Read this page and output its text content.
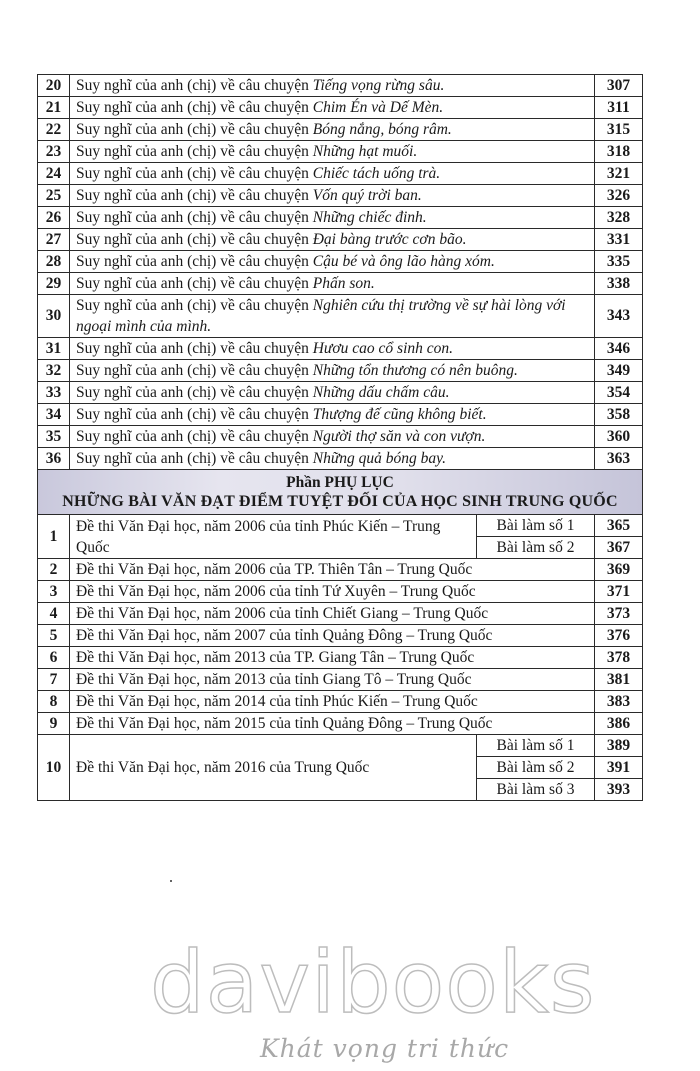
20	Suy nghĩ của anh (chị) về câu chuyện Tiếng vọng rừng sâu.		307
21	Suy nghĩ của anh (chị) về câu chuyện Chim Én và Dế Mèn.		311
22	Suy nghĩ của anh (chị) về câu chuyện Bóng nắng, bóng râm.		315
23	Suy nghĩ của anh (chị) về câu chuyện Những hạt muối.		318
24	Suy nghĩ của anh (chị) về câu chuyện Chiếc tách uống trà.		321
25	Suy nghĩ của anh (chị) về câu chuyện Vốn quý trời ban.		326
26	Suy nghĩ của anh (chị) về câu chuyện Những chiếc đinh.		328
27	Suy nghĩ của anh (chị) về câu chuyện Đại bàng trước cơn bão.		331
28	Suy nghĩ của anh (chị) về câu chuyện Cậu bé và ông lão hàng xóm.		335
29	Suy nghĩ của anh (chị) về câu chuyện Phấn son.		338
30	Suy nghĩ của anh (chị) về câu chuyện Nghiên cứu thị trường về sự hài lòng với ngoại mình của mình.		343
31	Suy nghĩ của anh (chị) về câu chuyện Hươu cao cổ sinh con.		346
32	Suy nghĩ của anh (chị) về câu chuyện Những tổn thương có nên buông.		349
33	Suy nghĩ của anh (chị) về câu chuyện Những dấu chấm câu.		354
34	Suy nghĩ của anh (chị) về câu chuyện Thượng đế cũng không biết.		358
35	Suy nghĩ của anh (chị) về câu chuyện Người thợ săn và con vượn.		360
36	Suy nghĩ của anh (chị) về câu chuyện Những quả bóng bay.		363

Phần PHỤ LỤC
NHỮNG BÀI VĂN ĐẠT ĐIỂM TUYỆT ĐỐI CỦA HỌC SINH TRUNG QUỐC			

1	Đề thi Văn Đại học, năm 2006 của tỉnh Phúc Kiến – Trung Quốc	Bài làm số 1	365
		Bài làm số 2	367
2	Đề thi Văn Đại học, năm 2006 của TP. Thiên Tân – Trung Quốc		369
3	Đề thi Văn Đại học, năm 2006 của tỉnh Tứ Xuyên – Trung Quốc		371
4	Đề thi Văn Đại học, năm 2006 của tỉnh Chiết Giang – Trung Quốc		373
5	Đề thi Văn Đại học, năm 2007 của tỉnh Quảng Đông – Trung Quốc		376
6	Đề thi Văn Đại học, năm 2013 của TP. Giang Tân – Trung Quốc		378
7	Đề thi Văn Đại học, năm 2013 của tỉnh Giang Tô – Trung Quốc		381
8	Đề thi Văn Đại học, năm 2014 của tỉnh Phúc Kiến – Trung Quốc		383
9	Đề thi Văn Đại học, năm 2015 của tỉnh Quảng Đông – Trung Quốc		386
10	Đề thi Văn Đại học, năm 2016 của Trung Quốc	Bài làm số 1	389
		Bài làm số 2	391
		Bài làm số 3	393
davibooks
Khát vọng tri thức
